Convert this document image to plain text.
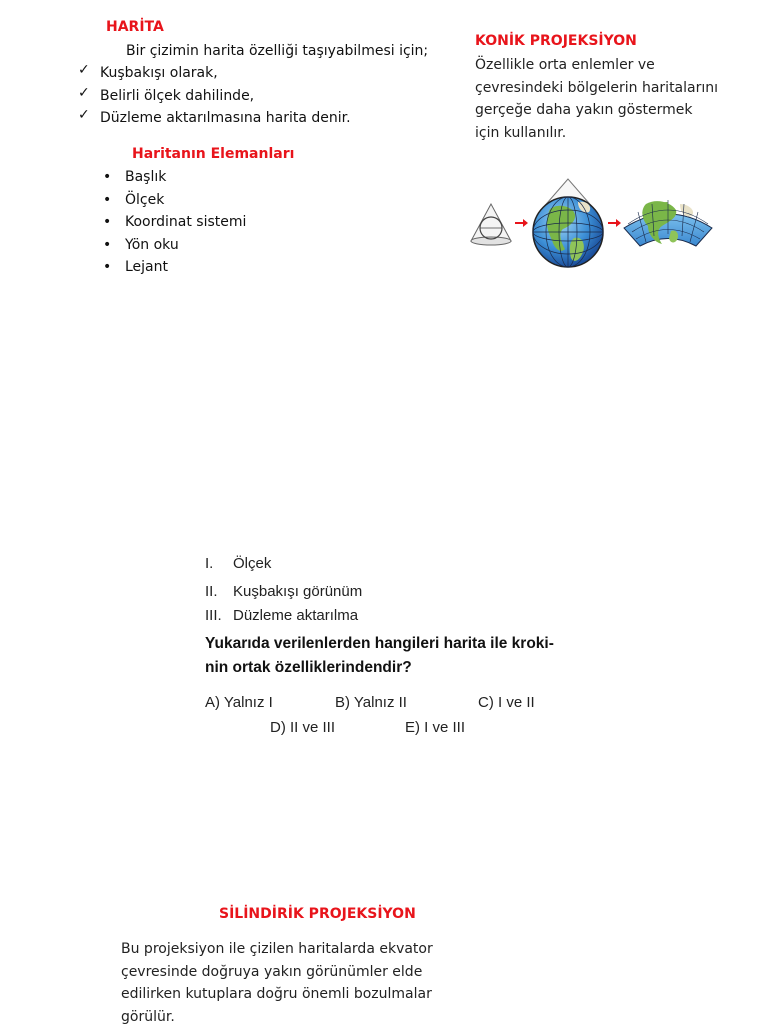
HARİTA
Bir çizimin harita özelliği taşıyabilmesi için;
✓ Kuşbakışı olarak,
✓ Belirli ölçek dahilinde,
✓ Düzleme aktarılmasına harita denir.
Haritanın Elemanları
• Başlık
• Ölçek
• Koordinat sistemi
• Yön oku
• Lejant
KONİK PROJEKSİYON
Özellikle orta enlemler ve
çevresindeki bölgelerin haritalarını
gerçeğe daha yakın göstermek
için kullanılır.
I. Ölçek
II. Kuşbakışı görünüm
III. Düzleme aktarılma
Yukarıda verilenlerden hangileri harita ile kroki-
nin ortak özelliklerindendir?
A) Yalnız I	B) Yalnız II	C) I ve II
D) II ve III	E) I ve III
SİLİNDİRİK PROJEKSİYON
Bu projeksiyon ile çizilen haritalarda ekvator
çevresinde doğruya yakın görünümler elde
edilirken kutuplara doğru önemli bozulmalar
görülür.
